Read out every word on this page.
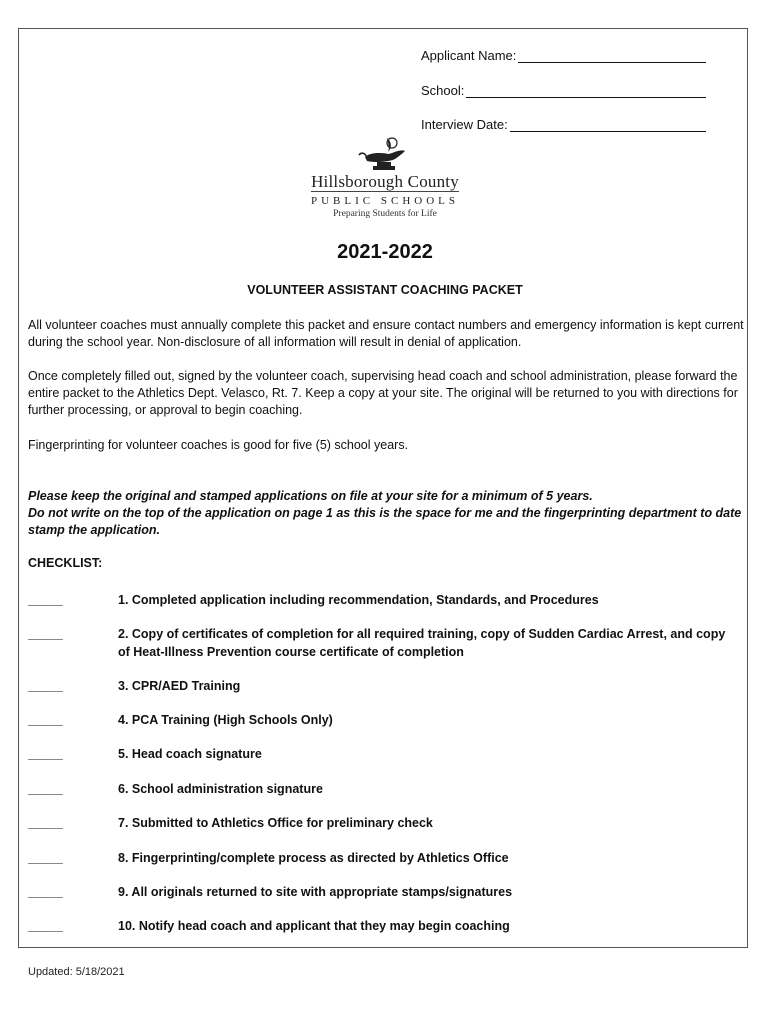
Applicant Name:
School:
Interview Date:
Hillsborough County
PUBLIC SCHOOLS
Preparing Students for Life
2021-2022
VOLUNTEER ASSISTANT COACHING PACKET
All volunteer coaches must annually complete this packet and ensure contact numbers and emergency information is kept current during the school year. Non-disclosure of all information will result in denial of application.
Once completely filled out, signed by the volunteer coach, supervising head coach and school administration, please forward the entire packet to the Athletics Dept. Velasco, Rt. 7. Keep a copy at your site. The original will be returned to you with directions for further processing, or approval to begin coaching.
Fingerprinting for volunteer coaches is good for five (5) school years.
Please keep the original and stamped applications on file at your site for a minimum of 5 years.
Do not write on the top of the application on page 1 as this is the space for me and the fingerprinting department to date stamp the application.
CHECKLIST:
_____	1. Completed application including recommendation, Standards, and Procedures
_____	2. Copy of certificates of completion for all required training, copy of Sudden Cardiac Arrest, and copy of Heat-Illness Prevention course certificate of completion
_____	3. CPR/AED Training
_____	4. PCA Training (High Schools Only)
_____	5. Head coach signature
_____	6. School administration signature
_____	7. Submitted to Athletics Office for preliminary check
_____	8. Fingerprinting/complete process as directed by Athletics Office
_____	9. All originals returned to site with appropriate stamps/signatures
_____	10. Notify head coach and applicant that they may begin coaching
Updated: 5/18/2021
